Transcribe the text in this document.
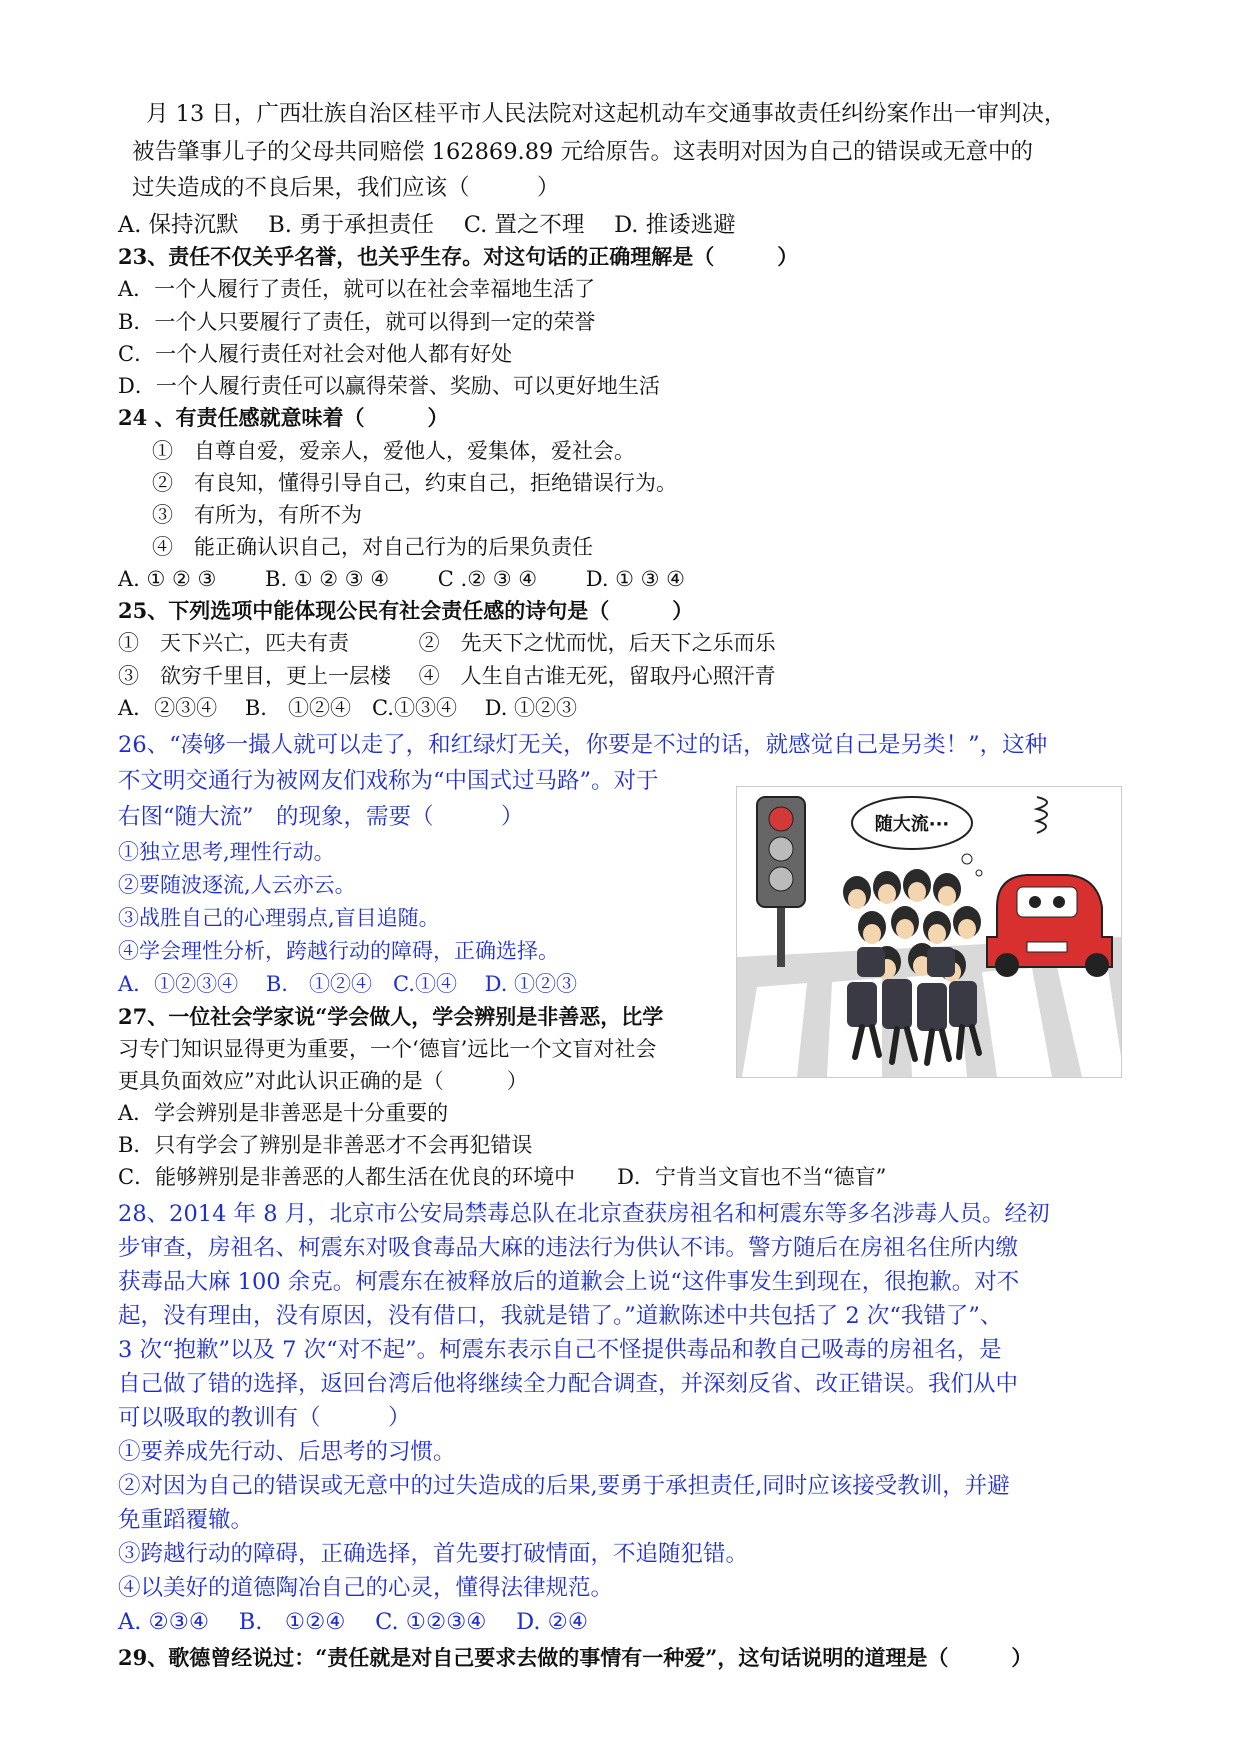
月 13 日，广西壮族自治区桂平市人民法院对这起机动车交通事故责任纠纷案作出一审判决，
被告肇事儿子的父母共同赔偿 162869.89 元给原告。这表明对因为自己的错误或无意中的
过失造成的不良后果，我们应该（　　　）
A. 保持沉默　 B. 勇于承担责任　 C. 置之不理　 D. 推诿逃避
23、责任不仅关乎名誉，也关乎生存。对这句话的正确理解是（　　　）
A．一个人履行了责任，就可以在社会幸福地生活了
B．一个人只要履行了责任，就可以得到一定的荣誉
C．一个人履行责任对社会对他人都有好处
D．一个人履行责任可以赢得荣誉、奖励、可以更好地生活
24 、有责任感就意味着（　　　）
①　自尊自爱，爱亲人，爱他人，爱集体，爱社会。
②　有良知，懂得引导自己，约束自己，拒绝错误行为。
③　有所为，有所不为
④　能正确认识自己，对自己行为的后果负责任
A. ① ② ③　　 B. ① ② ③ ④　　 C .② ③ ④　　 D. ① ③ ④
25、下列选项中能体现公民有社会责任感的诗句是（　　　）
①　天下兴亡，匹夫有责　　　 ②　先天下之忧而忧，后天下之乐而乐
③　欲穷千里目，更上一层楼　 ④　人生自古谁无死，留取丹心照汗青
A．②③④　 B.　①②④　C.①③④　 D. ①②③
26、“凑够一撮人就可以走了，和红绿灯无关，你要是不过的话，就感觉自己是另类！”，这种
不文明交通行为被网友们戏称为“中国式过马路”。对于
右图“随大流”　的现象，需要（　　　）
①独立思考,理性行动。
②要随波逐流,人云亦云。
③战胜自己的心理弱点,盲目追随。
④学会理性分析，跨越行动的障碍，正确选择。
A．①②③④　 B.　①②④　C.①④　 D. ①②③
随大流···
27、一位社会学家说“学会做人，学会辨别是非善恶，比学
习专门知识显得更为重要，一个‘德盲’远比一个文盲对社会
更具负面效应”对此认识正确的是（　　　）
A．学会辨别是非善恶是十分重要的
B．只有学会了辨别是非善恶才不会再犯错误
C．能够辨别是非善恶的人都生活在优良的环境中　　D．宁肯当文盲也不当“德盲”
28、2014 年 8 月，北京市公安局禁毒总队在北京查获房祖名和柯震东等多名涉毒人员。经初
步审查，房祖名、柯震东对吸食毒品大麻的违法行为供认不讳。警方随后在房祖名住所内缴
获毒品大麻 100 余克。柯震东在被释放后的道歉会上说“这件事发生到现在，很抱歉。对不
起，没有理由，没有原因，没有借口，我就是错了。”道歉陈述中共包括了 2 次“我错了”、
3 次“抱歉”以及 7 次“对不起”。柯震东表示自己不怪提供毒品和教自己吸毒的房祖名，是
自己做了错的选择，返回台湾后他将继续全力配合调查，并深刻反省、改正错误。我们从中
可以吸取的教训有（　　　）
①要养成先行动、后思考的习惯。
②对因为自己的错误或无意中的过失造成的后果,要勇于承担责任,同时应该接受教训，并避
免重蹈覆辙。
③跨越行动的障碍，正确选择，首先要打破情面，不追随犯错。
④以美好的道德陶冶自己的心灵，懂得法律规范。
A. ②③④　 B.　①②④　 C. ①②③④　 D. ②④
29、歌德曾经说过：“责任就是对自己要求去做的事情有一种爱”，这句话说明的道理是（　　　）
